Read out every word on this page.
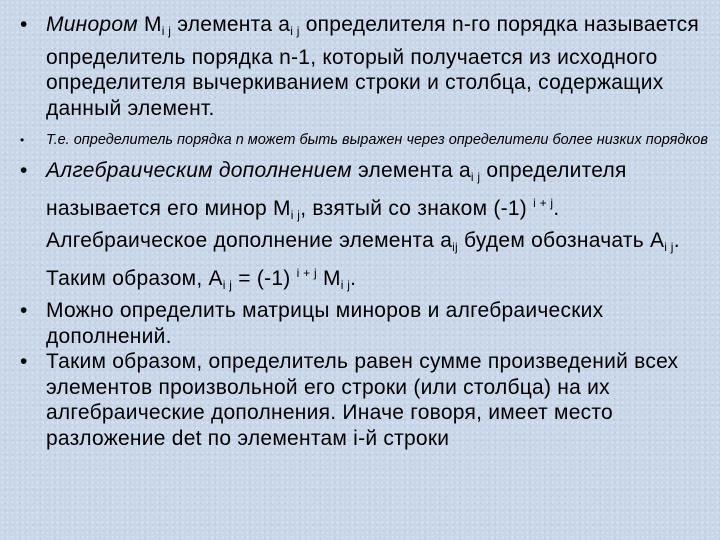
• Минором $M_{i j}$ элемента $a_{i j}$ определителя n-го порядка называется определитель порядка n-1, который получается из исходного определителя вычеркиванием строки и столбца, содержащих данный элемент.
• Т.е. определитель порядка n может быть выражен через определители более низких порядков
• Алгебраическим дополнением элемента $a_{i j}$ определителя называется его минор $M_{i j}$, взятый со знаком (-1) $^{i + j}$. Алгебраическое дополнение элемента $a_{ij}$ будем обозначать $A_{i j}$. Таким образом, $A_{i j} = (-1)$ $^{i + j}$ $M_{i j}$.
• Можно определить матрицы миноров и алгебраических дополнений.
• Таким образом, определитель равен сумме произведений всех элементов произвольной его строки (или столбца) на их алгебраические дополнения. Иначе говоря, имеет место разложение det по элементам i-й строки
